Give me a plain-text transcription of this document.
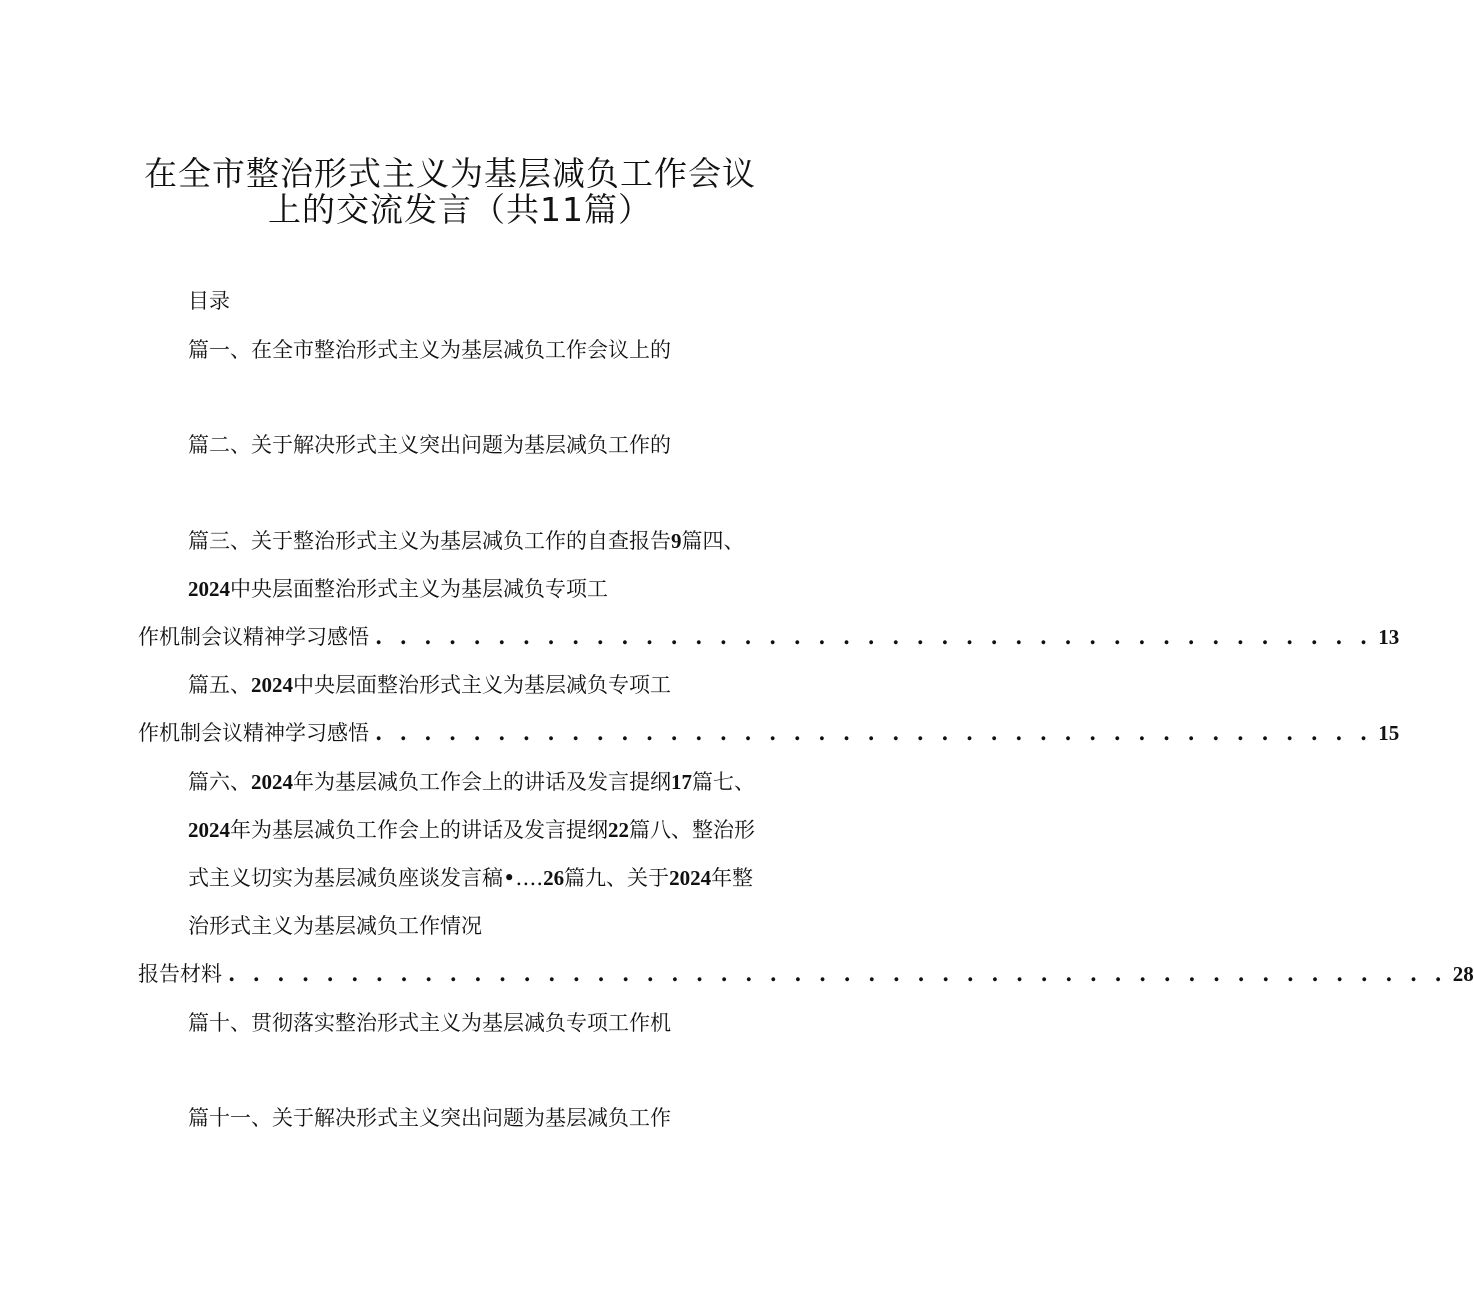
在全市整治形式主义为基层减负工作会议
上的交流发言（共11篇）
目录
篇一、在全市整治形式主义为基层减负工作会议上的
篇二、关于解决形式主义突出问题为基层减负工作的
篇三、关于整治形式主义为基层减负工作的自查报告9篇四、
2024中央层面整治形式主义为基层减负专项工
作机制会议精神学习感悟 . . . . . . . . . . . . . . . . . . . . . . . . . . . . . . . . . . . . . . . . . 13
篇五、2024中央层面整治形式主义为基层减负专项工
作机制会议精神学习感悟 . . . . . . . . . . . . . . . . . . . . . . . . . . . . . . . . . . . . . . . . . 15
篇六、2024年为基层减负工作会上的讲话及发言提纲17篇七、
2024年为基层减负工作会上的讲话及发言提纲22篇八、整治形
式主义切实为基层减负座谈发言稿•….26篇九、关于2024年整
治形式主义为基层减负工作情况
报告材料 . . . . . . . . . . . . . . . . . . . . . . . . . . . . . . . . . . . . . . . . . . . . . . . . . . 28
篇十、贯彻落实整治形式主义为基层减负专项工作机
篇十一、关于解决形式主义突出问题为基层减负工作
